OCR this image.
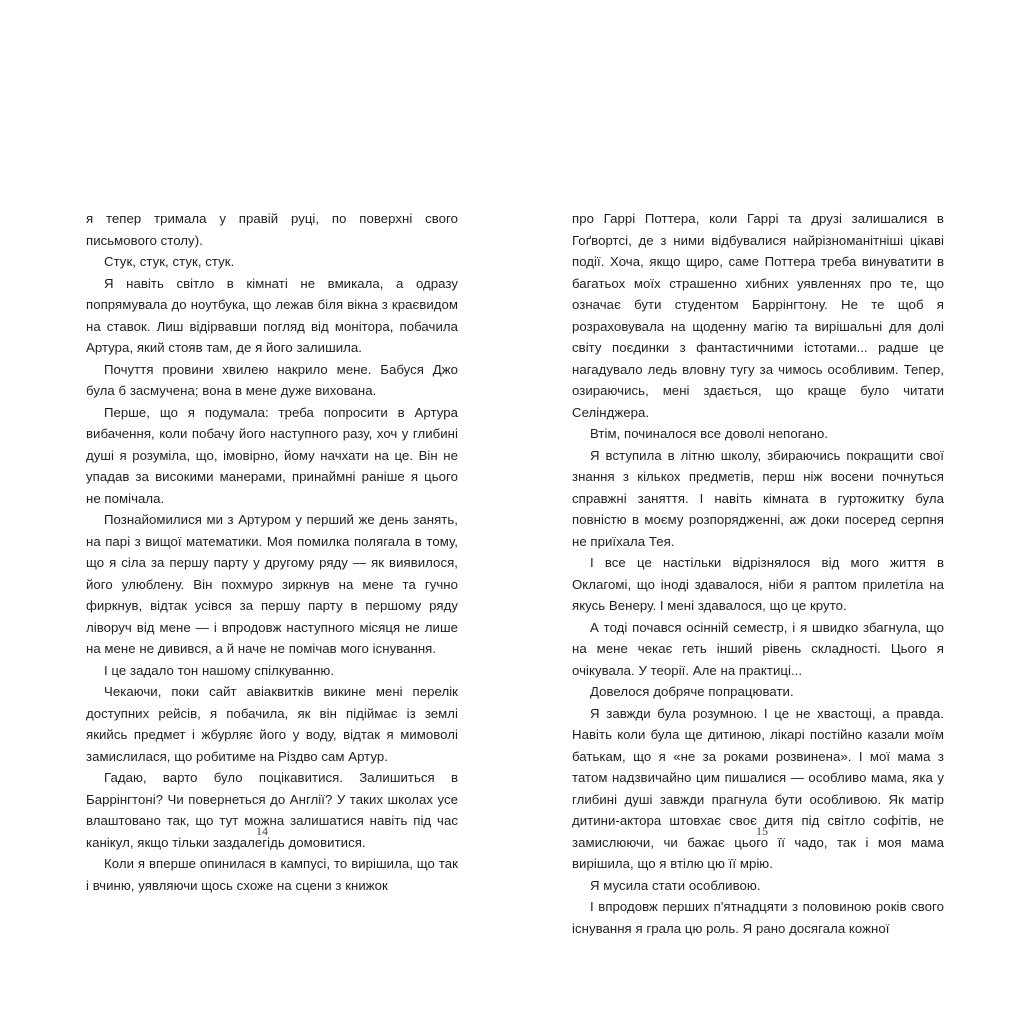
я тепер тримала у правій руці, по поверхні свого письмового столу).

Стук, стук, стук, стук.

Я навіть світло в кімнаті не вмикала, а одразу попрямувала до ноутбука, що лежав біля вікна з краєвидом на ставок. Лиш відірвавши погляд від монітора, побачила Артура, який стояв там, де я його залишила.

Почуття провини хвилею накрило мене. Бабуся Джо була б засмучена; вона в мене дуже вихована.

Перше, що я подумала: треба попросити в Артура вибачення, коли побачу його наступного разу, хоч у глибині душі я розуміла, що, імовірно, йому начхати на це. Він не упадав за високими манерами, принаймні раніше я цього не помічала.

Познайомилися ми з Артуром у перший же день занять, на парі з вищої математики. Моя помилка полягала в тому, що я сіла за першу парту у другому ряду — як виявилося, його улюблену. Він похмуро зиркнув на мене та гучно фиркнув, відтак усівся за першу парту в першому ряду ліворуч від мене — і впродовж наступного місяця не лише на мене не дивився, а й наче не помічав мого існування.

І це задало тон нашому спілкуванню.

Чекаючи, поки сайт авіаквитків викине мені перелік доступних рейсів, я побачила, як він підіймає із землі якийсь предмет і жбурляє його у воду, відтак я мимоволі замислилася, що робитиме на Різдво сам Артур.

Гадаю, варто було поцікавитися. Залишиться в Баррінгтоні? Чи повернеться до Англії? У таких школах усе влаштовано так, що тут можна залишатися навіть під час канікул, якщо тільки заздалегідь домовитися.

Коли я вперше опинилася в кампусі, то вирішила, що так і вчиню, уявляючи щось схоже на сцени з книжок

про Гаррі Поттера, коли Гаррі та друзі залишалися в Гоґвортсі, де з ними відбувалися найрізноманітніші цікаві події. Хоча, якщо щиро, саме Поттера треба винуватити в багатьох моїх страшенно хибних уявленнях про те, що означає бути студентом Баррінгтону. Не те щоб я розраховувала на щоденну магію та вирішальні для долі світу поєдинки з фантастичними істотами... радше це нагадувало ледь вловну тугу за чимось особливим. Тепер, озираючись, мені здається, що краще було читати Селінджера.

Втім, починалося все доволі непогано.

Я вступила в літню школу, збираючись покращити свої знання з кількох предметів, перш ніж восени почнуться справжні заняття. І навіть кімната в гуртожитку була повністю в моєму розпорядженні, аж доки посеред серпня не приїхала Тея.

І все це настільки відрізнялося від мого життя в Оклагомі, що іноді здавалося, ніби я раптом прилетіла на якусь Венеру. І мені здавалося, що це круто.

А тоді почався осінній семестр, і я швидко збагнула, що на мене чекає геть інший рівень складності. Цього я очікувала. У теорії. Але на практиці...

Довелося добряче попрацювати.

Я завжди була розумною. І це не хвастощі, а правда. Навіть коли була ще дитиною, лікарі постійно казали моїм батькам, що я «не за роками розвинена». І мої мама з татом надзвичайно цим пишалися — особливо мама, яка у глибині душі завжди прагнула бути особливою. Як матір дитини-актора штовхає своє дитя під світло софітів, не замислюючи, чи бажає цього її чадо, так і моя мама вирішила, що я втілю цю її мрію.

Я мусила стати особливою.

І впродовж перших п'ятнадцяти з половиною років свого існування я грала цю роль. Я рано досягала кожної

14	15
